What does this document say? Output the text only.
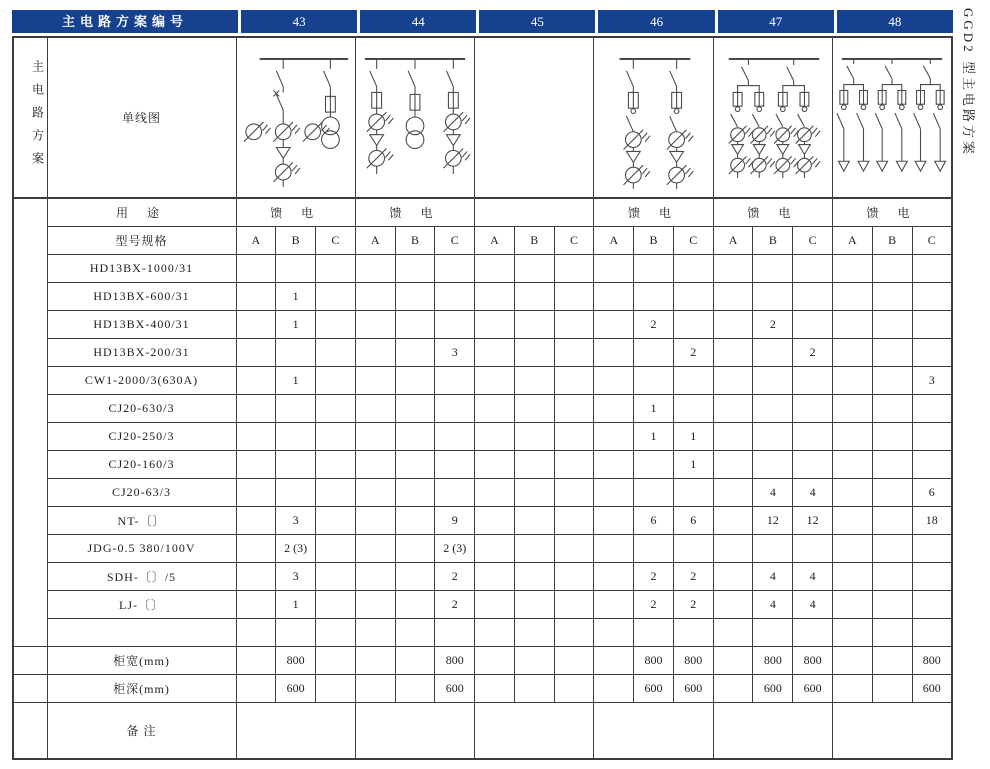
主电路方案编号	43	44	45	46	47	48
主电路方案	单线图	

	用 途	馈 电			馈 电						馈 电			馈 电			馈 电		
	型号规格	A	B	C	A	B	C	A	B	C	A	B	C	A	B	C	A	B	C
	HD13BX-1000/31																		
	HD13BX-600/31		1																
	HD13BX-400/31		1									2			2				
	HD13BX-200/31						3						2			2			
	CW1-2000/3(630A)		1																3
	CJ20-630/3											1							
	CJ20-250/3											1	1						
	CJ20-160/3												1						
	CJ20-63/3														4	4			6
	NT-〔〕		3				9					6	6		12	12			18
	JDG-0.5 380/100V		2 (3)				2 (3)												
	SDH-〔〕/5		3				2					2	2		4	4			
	LJ-〔〕		1				2					2	2		4	4			

	柜宽(mm)		800				800					800	800		800	800			800
	柜深(mm)		600				600					600	600		600	600			600
	备 注																		
GGD2 型主电路方案
